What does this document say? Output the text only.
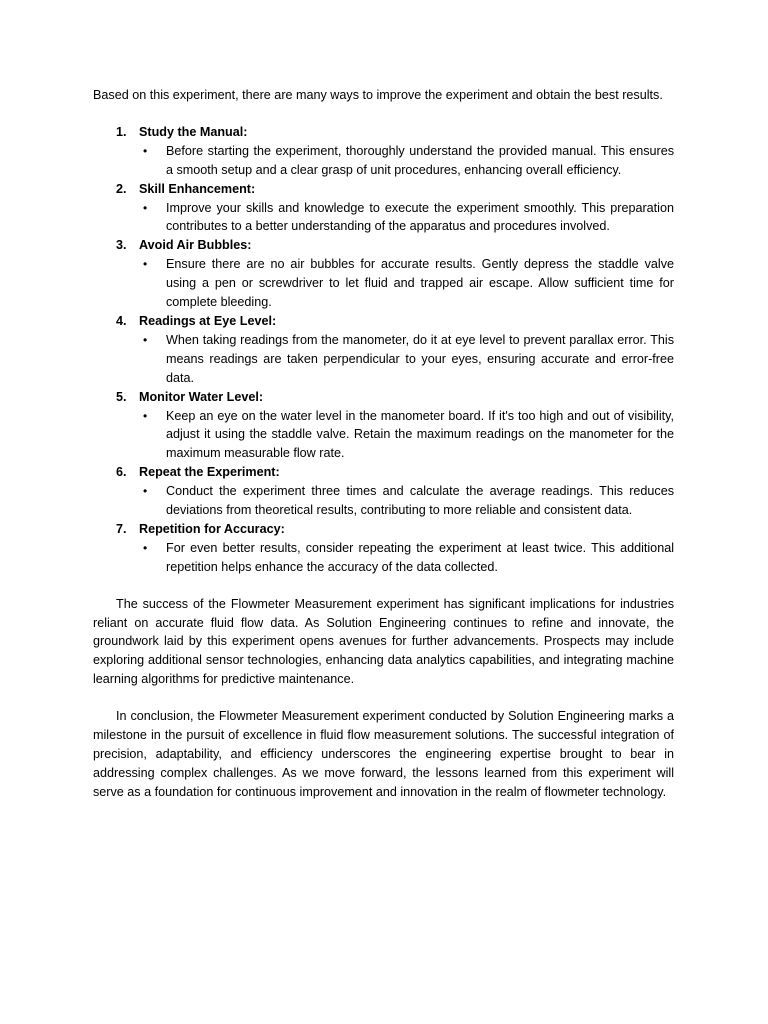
Based on this experiment, there are many ways to improve the experiment and obtain the best results.

1. Study the Manual:
• Before starting the experiment, thoroughly understand the provided manual. This ensures a smooth setup and a clear grasp of unit procedures, enhancing overall efficiency.
2. Skill Enhancement:
• Improve your skills and knowledge to execute the experiment smoothly. This preparation contributes to a better understanding of the apparatus and procedures involved.
3. Avoid Air Bubbles:
• Ensure there are no air bubbles for accurate results. Gently depress the staddle valve using a pen or screwdriver to let fluid and trapped air escape. Allow sufficient time for complete bleeding.
4. Readings at Eye Level:
• When taking readings from the manometer, do it at eye level to prevent parallax error. This means readings are taken perpendicular to your eyes, ensuring accurate and error-free data.
5. Monitor Water Level:
• Keep an eye on the water level in the manometer board. If it's too high and out of visibility, adjust it using the staddle valve. Retain the maximum readings on the manometer for the maximum measurable flow rate.
6. Repeat the Experiment:
• Conduct the experiment three times and calculate the average readings. This reduces deviations from theoretical results, contributing to more reliable and consistent data.
7. Repetition for Accuracy:
• For even better results, consider repeating the experiment at least twice. This additional repetition helps enhance the accuracy of the data collected.

The success of the Flowmeter Measurement experiment has significant implications for industries reliant on accurate fluid flow data. As Solution Engineering continues to refine and innovate, the groundwork laid by this experiment opens avenues for further advancements. Prospects may include exploring additional sensor technologies, enhancing data analytics capabilities, and integrating machine learning algorithms for predictive maintenance.

In conclusion, the Flowmeter Measurement experiment conducted by Solution Engineering marks a milestone in the pursuit of excellence in fluid flow measurement solutions. The successful integration of precision, adaptability, and efficiency underscores the engineering expertise brought to bear in addressing complex challenges. As we move forward, the lessons learned from this experiment will serve as a foundation for continuous improvement and innovation in the realm of flowmeter technology.
